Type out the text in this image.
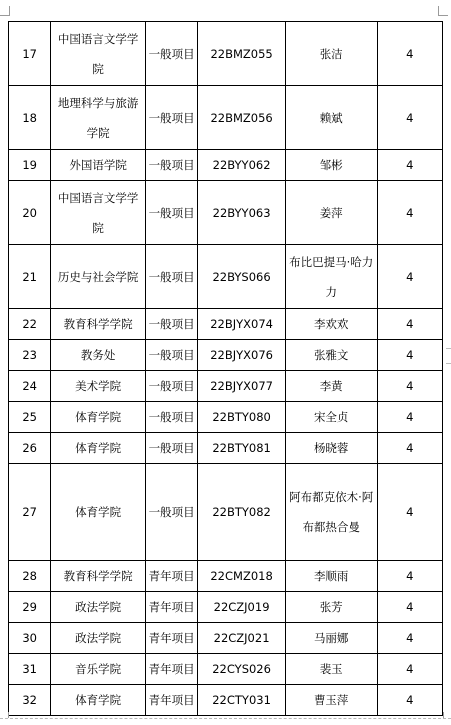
17	中国语言文学学院	一般项目	22BMZ055	张洁	4
18	地理科学与旅游学院	一般项目	22BMZ056	赖斌	4
19	外国语学院	一般项目	22BYY062	邹彬	4
20	中国语言文学学院	一般项目	22BYY063	姜萍	4
21	历史与社会学院	一般项目	22BYS066	布比巴提马·哈力力	4
22	教育科学学院	一般项目	22BJYX074	李欢欢	4
23	教务处	一般项目	22BJYX076	张雅文	4
24	美术学院	一般项目	22BJYX077	李黄	4
25	体育学院	一般项目	22BTY080	宋全贞	4
26	体育学院	一般项目	22BTY081	杨晓蓉	4
27	体育学院	一般项目	22BTY082	阿布都克依木·阿布都热合曼	4
28	教育科学学院	青年项目	22CMZ018	李顺雨	4
29	政法学院	青年项目	22CZJ019	张芳	4
30	政法学院	青年项目	22CZJ021	马丽娜	4
31	音乐学院	青年项目	22CYS026	裴玉	4
32	体育学院	青年项目	22CTY031	曹玉萍	4
